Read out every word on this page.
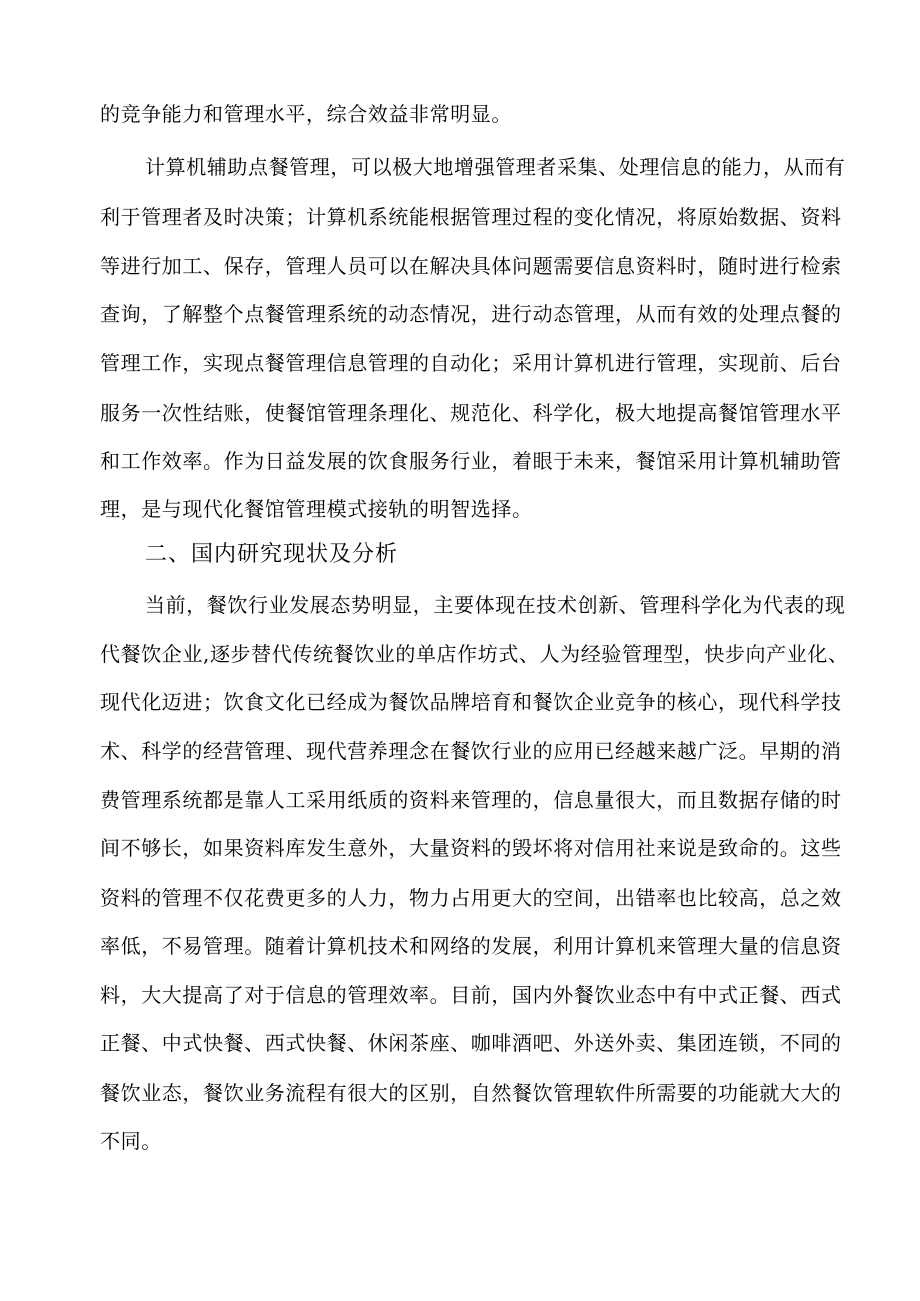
的竞争能力和管理水平，综合效益非常明显。
计算机辅助点餐管理，可以极大地增强管理者采集、处理信息的能力，从而有
利于管理者及时决策；计算机系统能根据管理过程的变化情况，将原始数据、资料
等进行加工、保存，管理人员可以在解决具体问题需要信息资料时，随时进行检索
查询，了解整个点餐管理系统的动态情况，进行动态管理，从而有效的处理点餐的
管理工作，实现点餐管理信息管理的自动化；采用计算机进行管理，实现前、后台
服务一次性结账，使餐馆管理条理化、规范化、科学化，极大地提高餐馆管理水平
和工作效率。作为日益发展的饮食服务行业，着眼于未来，餐馆采用计算机辅助管
理，是与现代化餐馆管理模式接轨的明智选择。
二、国内研究现状及分析
当前，餐饮行业发展态势明显，主要体现在技术创新、管理科学化为代表的现
代餐饮企业,逐步替代传统餐饮业的单店作坊式、人为经验管理型，快步向产业化、
现代化迈进；饮食文化已经成为餐饮品牌培育和餐饮企业竞争的核心，现代科学技
术、科学的经营管理、现代营养理念在餐饮行业的应用已经越来越广泛。早期的消
费管理系统都是靠人工采用纸质的资料来管理的，信息量很大，而且数据存储的时
间不够长，如果资料库发生意外，大量资料的毁坏将对信用社来说是致命的。这些
资料的管理不仅花费更多的人力，物力占用更大的空间，出错率也比较高，总之效
率低，不易管理。随着计算机技术和网络的发展，利用计算机来管理大量的信息资
料，大大提高了对于信息的管理效率。目前，国内外餐饮业态中有中式正餐、西式
正餐、中式快餐、西式快餐、休闲茶座、咖啡酒吧、外送外卖、集团连锁，不同的
餐饮业态，餐饮业务流程有很大的区别，自然餐饮管理软件所需要的功能就大大的
不同。
